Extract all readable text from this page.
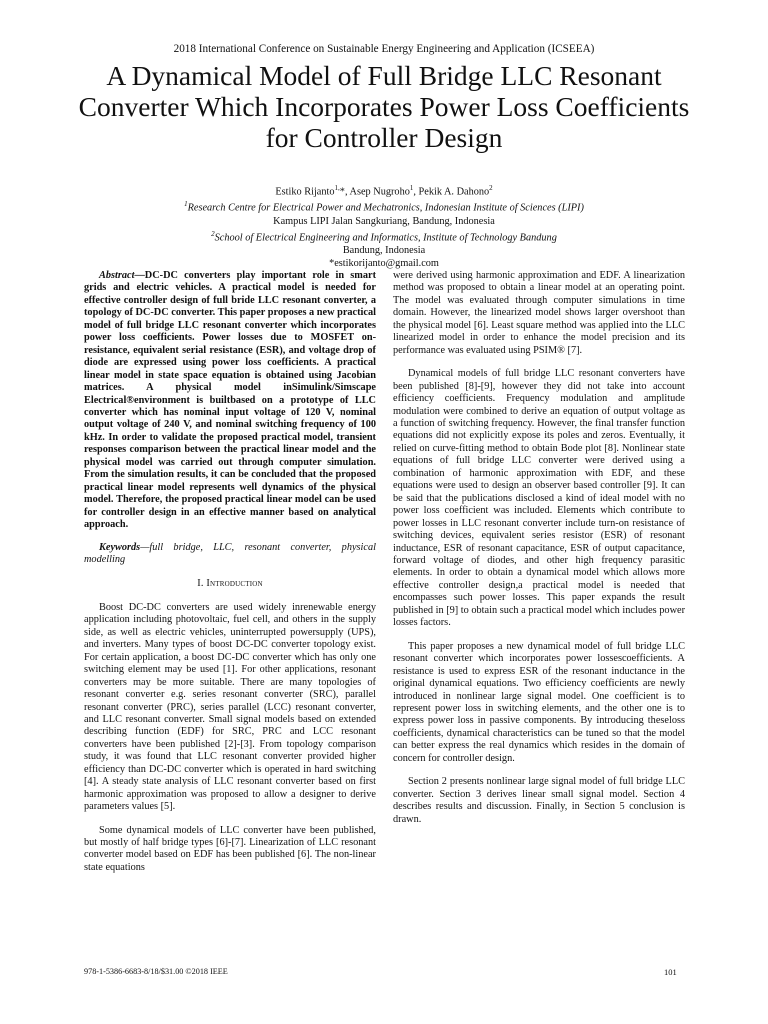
2018 International Conference on Sustainable Energy Engineering and Application (ICSEEA)
A Dynamical Model of Full Bridge LLC Resonant Converter Which Incorporates Power Loss Coefficients for Controller Design
Estiko Rijanto$^{1,}$*, Asep Nugroho$^1$, Pekik A. Dahono$^2$
$^1$Research Centre for Electrical Power and Mechatronics, Indonesian Institute of Sciences (LIPI)
Kampus LIPI Jalan Sangkuriang, Bandung, Indonesia
$^2$School of Electrical Engineering and Informatics, Institute of Technology Bandung
Bandung, Indonesia
*estikorijanto@gmail.com

Abstract—DC-DC converters play important role in smart grids and electric vehicles. A practical model is needed for effective controller design of full bride LLC resonant converter, a topology of DC-DC converter. This paper proposes a new practical model of full bridge LLC resonant converter which incorporates power loss coefficients. Power losses due to MOSFET on-resistance, equivalent serial resistance (ESR), and voltage drop of diode are expressed using power loss coefficients. A practical linear model in state space equation is obtained using Jacobian matrices. A physical model inSimulink/Simscape Electrical®environment is builtbased on a prototype of LLC converter which has nominal input voltage of 120 V, nominal output voltage of 240 V, and nominal switching frequency of 100 kHz. In order to validate the proposed practical model, transient responses comparison between the practical linear model and the physical model was carried out through computer simulation. From the simulation results, it can be concluded that the proposed practical linear model represents well dynamics of the physical model. Therefore, the proposed practical linear model can be used for controller design in an effective manner based on analytical approach.

Keywords—full bridge, LLC, resonant converter, physical modelling

I. Introduction

Boost DC-DC converters are used widely inrenewable energy application including photovoltaic, fuel cell, and others in the supply side, as well as electric vehicles, uninterrupted powersupply (UPS), and inverters. Many types of boost DC-DC converter topology exist. For certain application, a boost DC-DC converter which has only one switching element may be used [1]. For other applications, resonant converters may be more suitable. There are many topologies of resonant converter e.g. series resonant converter (SRC), parallel resonant converter (PRC), series parallel (LCC) resonant converter, and LLC resonant converter. Small signal models based on extended describing function (EDF) for SRC, PRC and LCC resonant converters have been published [2]-[3]. From topology comparison study, it was found that LLC resonant converter provided higher efficiency than DC-DC converter which is operated in hard switching [4]. A steady state analysis of LLC resonant converter based on first harmonic approximation was proposed to allow a designer to derive parameters values [5].

Some dynamical models of LLC converter have been published, but mostly of half bridge types [6]-[7]. Linearization of LLC resonant converter model based on EDF has been published [6]. The non-linear state equations

were derived using harmonic approximation and EDF. A linearization method was proposed to obtain a linear model at an operating point. The model was evaluated through computer simulations in time domain. However, the linearized model shows larger overshoot than the physical model [6]. Least square method was applied into the LLC linearized model in order to enhance the model precision and its performance was evaluated using PSIM® [7].

Dynamical models of full bridge LLC resonant converters have been published [8]-[9], however they did not take into account efficiency coefficients. Frequency modulation and amplitude modulation were combined to derive an equation of output voltage as a function of switching frequency. However, the final transfer function equations did not explicitly expose its poles and zeros. Eventually, it relied on curve-fitting method to obtain Bode plot [8]. Nonlinear state equations of full bridge LLC converter were derived using a combination of harmonic approximation with EDF, and these equations were used to design an observer based controller [9]. It can be said that the publications disclosed a kind of ideal model with no power loss coefficient was included. Elements which contribute to power losses in LLC resonant converter include turn-on resistance of switching devices, equivalent series resistor (ESR) of resonant inductance, ESR of resonant capacitance, ESR of output capacitance, forward voltage of diodes, and other high frequency parasitic elements. In order to obtain a dynamical model which allows more effective controller design,a practical model is needed that encompasses such power losses. This paper expands the result published in [9] to obtain such a practical model which includes power losses factors.

This paper proposes a new dynamical model of full bridge LLC resonant converter which incorporates power lossescoefficients. A resistance is used to express ESR of the resonant inductance in the original dynamical equations. Two efficiency coefficients are newly introduced in nonlinear large signal model. One coefficient is to represent power loss in switching elements, and the other one is to express power loss in passive components. By introducing theseloss coefficients, dynamical characteristics can be tuned so that the model can better express the real dynamics which resides in the domain of concern for controller design.

Section 2 presents nonlinear large signal model of full bridge LLC converter. Section 3 derives linear small signal model. Section 4 describes results and discussion. Finally, in Section 5 conclusion is drawn.

978-1-5386-6683-8/18/$31.00 ©2018 IEEE	101
